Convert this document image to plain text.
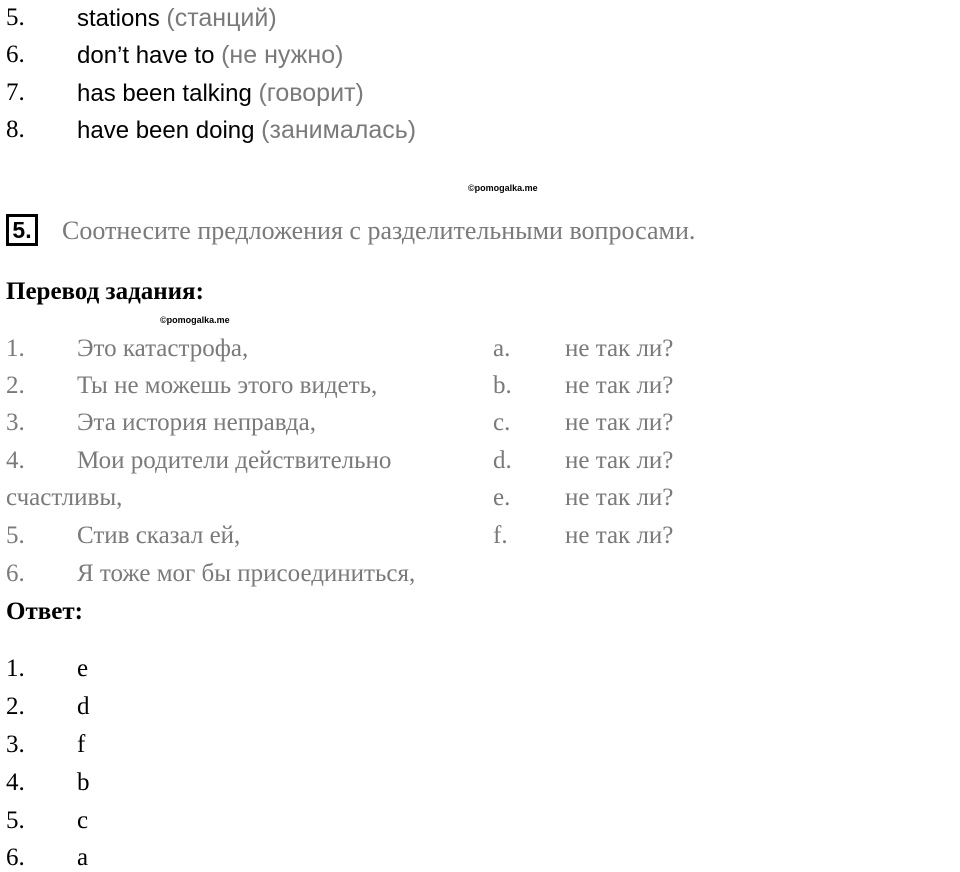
5. stations (станций)
6. don’t have to (не нужно)
7. has been talking (говорит)
8. have been doing (занималась)
©pomogalka.me
5. Соотнесите предложения с разделительными вопросами.
Перевод задания:
©pomogalka.me
1. Это катастрофа,
2. Ты не можешь этого видеть,
3. Эта история неправда,
4. Мои родители действительно
счастливы,
5. Стив сказал ей,
6. Я тоже мог бы присоединиться,
a. не так ли?
b. не так ли?
c. не так ли?
d. не так ли?
e. не так ли?
f. не так ли?
Ответ:
1. e
2. d
3. f
4. b
5. c
6. a
